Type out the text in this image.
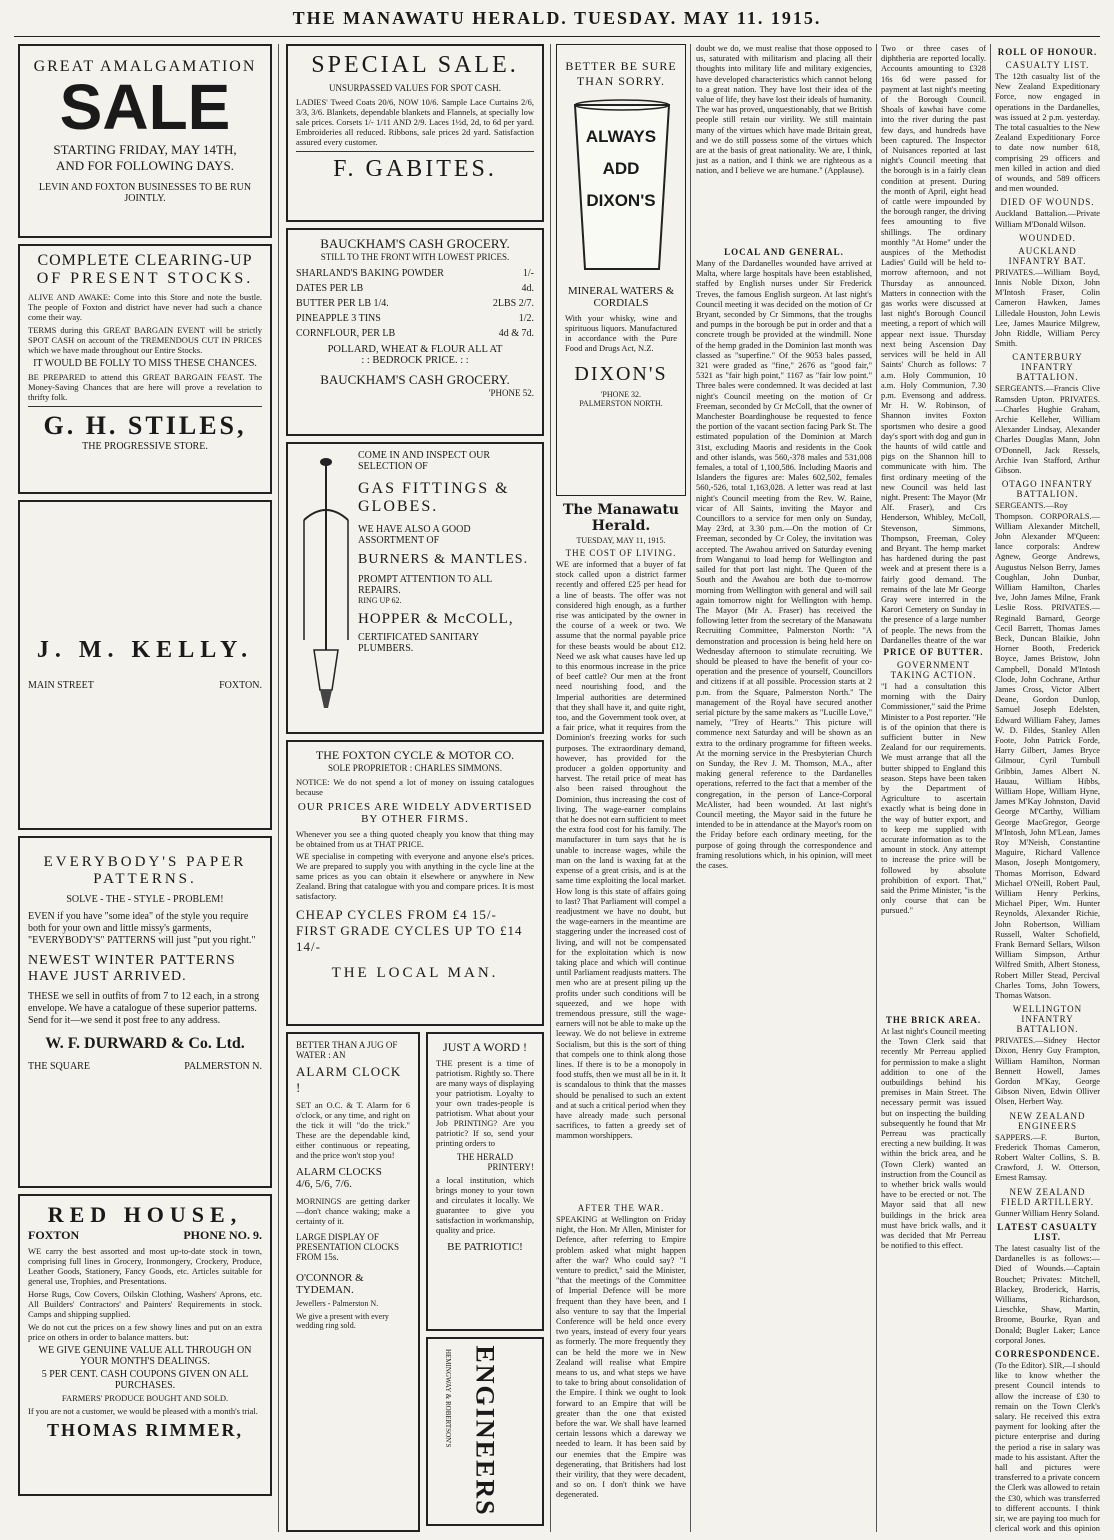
THE MANAWATU HERALD. TUESDAY. MAY 11. 1915.
GREAT AMALGAMATION
SALE
STARTING FRIDAY, MAY 14TH,
AND FOR FOLLOWING DAYS.
LEVIN AND FOXTON BUSINESSES TO BE RUN JOINTLY.
COMPLETE CLEARING-UP
OF PRESENT STOCKS.
ALIVE AND AWAKE: Come into this Store and note the bustle. The people of Foxton and district have never had such a chance come their way.
TERMS during this GREAT BARGAIN EVENT will be strictly SPOT CASH on account of the TREMENDOUS CUT IN PRICES which we have made throughout our Entire Stocks.
IT WOULD BE FOLLY TO MISS THESE CHANCES.
BE PREPARED to attend this GREAT BARGAIN FEAST. The Money-Saving Chances that are here will prove a revelation to thrifty folk.
G. H. STILES,
THE PROGRESSIVE STORE.
J. M. KELLY.
MAIN STREET	FOXTON.
EVERYBODY'S PAPER
PATTERNS.
SOLVE - THE - STYLE - PROBLEM!
EVEN if you have "some idea" of the style you require both for your own and little missy's garments, "EVERYBODY'S" PATTERNS will just "put you right."
NEWEST WINTER PATTERNS HAVE JUST ARRIVED.
THESE we sell in outfits of from 7 to 12 each, in a strong envelope. We have a catalogue of these superior patterns. Send for it—we send it post free to any address.
W. F. DURWARD & Co. Ltd.
THE SQUARE	PALMERSTON N.
RED HOUSE,
FOXTON	PHONE NO. 9.
WE carry the best assorted and most up-to-date stock in town, comprising full lines in Grocery, Ironmongery, Crockery, Produce, Leather Goods, Stationery, Fancy Goods, etc. Articles suitable for general use, Trophies, and Presentations.
Horse Rugs, Cow Covers, Oilskin Clothing, Washers' Aprons, etc. All Builders' Contractors' and Painters' Requirements in stock. Camps and shipping supplied.
We do not cut the prices on a few showy lines and put on an extra price on others in order to balance matters. but:
WE GIVE GENUINE VALUE ALL THROUGH ON YOUR MONTH'S DEALINGS.
5 PER CENT. CASH COUPONS GIVEN ON ALL PURCHASES.
FARMERS' PRODUCE BOUGHT AND SOLD.
If you are not a customer, we would be pleased with a month's trial.
THOMAS RIMMER,
SPECIAL SALE.
UNSURPASSED VALUES FOR SPOT CASH.
LADIES' Tweed Coats 20/6, NOW 10/6. Sample Lace Curtains 2/6, 3/3, 3/6. Blankets, dependable blankets and Flannels, at specially low sale prices. Corsets 1/- 1/11 AND 2/9. Laces 1½d, 2d, to 6d per yard. Embroideries all reduced. Ribbons, sale prices 2d yard. Satisfaction assured every customer.
F. GABITES.
BAUCKHAM'S CASH GROCERY.
STILL TO THE FRONT WITH LOWEST PRICES.
SHARLAND'S BAKING POWDER	1/-
DATES PER LB	4d.
BUTTER PER LB 1/4.	2LBS 2/7.
PINEAPPLE 3 TINS	1/2.
CORNFLOUR, PER LB	4d & 7d.
POLLARD, WHEAT & FLOUR ALL AT
: : BEDROCK PRICE. : :
BAUCKHAM'S CASH GROCERY.
'PHONE 52.
COME IN AND INSPECT OUR
SELECTION OF
GAS FITTINGS & GLOBES.
WE HAVE ALSO A GOOD ASSORTMENT OF
BURNERS & MANTLES.
PROMPT ATTENTION TO ALL REPAIRS.
RING UP 62.
HOPPER & McCOLL,
CERTIFICATED SANITARY PLUMBERS.
THE FOXTON CYCLE & MOTOR CO.
SOLE PROPRIETOR : CHARLES SIMMONS.
NOTICE: We do not spend a lot of money on issuing catalogues because
OUR PRICES ARE WIDELY ADVERTISED BY OTHER FIRMS.
Whenever you see a thing quoted cheaply you know that thing may be obtained from us at THAT PRICE.
WE specialise in competing with everyone and anyone else's prices. We are prepared to supply you with anything in the cycle line at the same prices as you can obtain it elsewhere or anywhere in New Zealand. Bring that catalogue with you and compare prices. It is most satisfactory.
CHEAP CYCLES FROM £4 15/-
FIRST GRADE CYCLES UP TO £14 14/-
THE LOCAL MAN.
BETTER THAN A JUG OF WATER : AN
ALARM CLOCK !
SET an O.C. & T. Alarm for 6 o'clock, or any time, and right on the tick it will "do the trick." These are the dependable kind, either continuous or repeating, and the price won't stop you!
ALARM CLOCKS
4/6, 5/6, 7/6.
MORNINGS are getting darker—don't chance waking; make a certainty of it.
LARGE DISPLAY OF PRESENTATION CLOCKS FROM 15s.
O'CONNOR & TYDEMAN.
Jewellers - Palmerston N.
We give a present with every wedding ring sold.
JUST A WORD !
THE present is a time of patriotism. Rightly so. There are many ways of displaying your patriotism. Loyalty to your own trades-people is patriotism. What about your Job PRINTING? Are you patriotic? If so, send your printing orders to
THE HERALD
PRINTERY!
a local institution, which brings money to your town and circulates it locally. We guarantee to give you satisfaction in workmanship, quality and price.
BE PATRIOTIC!
ENGINEERS
HEMINGWAY & ROBERTSON'S
BETTER BE SURE THAN SORRY.
ALWAYS
ADD
DIXON'S
MINERAL WATERS & CORDIALS
With your whisky, wine and spirituous liquors. Manufactured in accordance with the Pure Food and Drugs Act, N.Z.
DIXON'S
'PHONE 32.
PALMERSTON NORTH.
The Manawatu Herald.
TUESDAY, MAY 11, 1915.
THE COST OF LIVING.
WE are informed that a buyer of fat stock called upon a district farmer recently and offered £25 per head for a line of beasts. The offer was not considered high enough, as a further rise was anticipated by the owner in the course of a week or two. We assume that the normal payable price for these beasts would be about £12. Need we ask what causes have led up to this enormous increase in the price of beef cattle? Our men at the front need nourishing food, and the Imperial authorities are determined that they shall have it, and quite right, too, and the Government took over, at a fair price, what it requires from the Dominion's freezing works for such purposes. The extraordinary demand, however, has provided for the producer a golden opportunity and harvest. The retail price of meat has also been raised throughout the Dominion, thus increasing the cost of living. The wage-earner complains that he does not earn sufficient to meet the extra food cost for his family. The manufacturer in turn says that he is unable to increase wages, while the man on the land is waxing fat at the expense of a great crisis, and is at the same time exploiting the local market. How long is this state of affairs going to last? That Parliament will compel a readjustment we have no doubt, but the wage-earners in the meantime are staggering under the increased cost of living, and will not be compensated for the exploitation which is now taking place and which will continue until Parliament readjusts matters. The men who are at present piling up the profits under such conditions will be squeezed, and we hope with tremendous pressure, still the wage-earners will not be able to make up the leeway. We do not believe in extreme Socialism, but this is the sort of thing that compels one to think along those lines. If there is to be a monopoly in food stuffs, then we must all be in it. It is scandalous to think that the masses should be penalised to such an extent and at such a critical period when they have already made such personal sacrifices, to fatten a greedy set of mammon worshippers.
AFTER THE WAR.
SPEAKING at Wellington on Friday night, the Hon. Mr Allen, Minister for Defence, after referring to Empire problem asked what might happen after the war? Who could say? "I venture to predict," said the Minister, "that the meetings of the Committee of Imperial Defence will be more frequent than they have been, and I also venture to say that the Imperial Conference will be held once every two years, instead of every four years as formerly. The more frequently they can be held the more we in New Zealand will realise what Empire means to us, and what steps we have to take to bring about consolidation of the Empire. I think we ought to look forward to an Empire that will be greater than the one that existed before the war. We shall have learned certain lessons which a dareway we needed to learn. It has been said by our enemies that the Empire was degenerating, that Britishers had lost their virility, that they were decadent, and so on. I don't think we have degenerated.
doubt we do, we must realise that those opposed to us, saturated with militarism and placing all their thoughts into military life and military exigencies, have developed characteristics which cannot belong to a great nation. They have lost their idea of the value of life, they have lost their ideals of humanity. The war has proved, unquestionably, that we British people still retain our virility. We still maintain many of the virtues which have made Britain great, and we do still possess some of the virtues which are at the basis of great nationality. We are, I think, just as a nation, and I think we are righteous as a nation, and I believe we are humane." (Applause).
LOCAL AND GENERAL.
Many of the Dardanelles wounded have arrived at Malta, where large hospitals have been established, staffed by English nurses under Sir Frederick Treves, the famous English surgeon. At last night's Council meeting it was decided on the motion of Cr Bryant, seconded by Cr Simmons, that the troughs and pumps in the borough be put in order and that a concrete trough be provided at the windmill. None of the hemp graded in the Dominion last month was classed as "superfine." Of the 9053 bales passed, 321 were graded as "fine," 2676 as "good fair," 5321 as "fair high point," 1167 as "fair low point." Three bales were condemned. It was decided at last night's Council meeting on the motion of Cr Freeman, seconded by Cr McColl, that the owner of Manchester Boardinghouse be requested to fence the portion of the vacant section facing Park St. The estimated population of the Dominion at March 31st, excluding Maoris and residents in the Cook and other islands, was 560,-378 males and 531,008 females, a total of 1,100,586. Including Maoris and Islanders the figures are: Males 602,502, females 560,-526, total 1,163,028. A letter was read at last night's Council meeting from the Rev. W. Raine, vicar of All Saints, inviting the Mayor and Councillors to a service for men only on Sunday, May 23rd, at 3.30 p.m.—On the motion of Cr Freeman, seconded by Cr Coley, the invitation was accepted. The Awahou arrived on Saturday evening from Wanganui to load hemp for Wellington and sailed for that port last night. The Queen of the South and the Awahou are both due to-morrow morning from Wellington with general and will sail again tomorrow night for Wellington with hemp. The Mayor (Mr A. Fraser) has received the following letter from the secretary of the Manawatu Recruiting Committee, Palmerston North: "A demonstration and procession is being held here on Wednesday afternoon to stimulate recruiting. We should be pleased to have the benefit of your co-operation and the presence of yourself, Councillors and citizens if at all possible. Procession starts at 2 p.m. from the Square, Palmerston North." The management of the Royal have secured another serial picture by the same makers as "Lucille Love," namely, "Trey of Hearts." This picture will commence next Saturday and will be shown as an extra to the ordinary programme for fifteen weeks. At the morning service in the Presbyterian Church on Sunday, the Rev J. M. Thomson, M.A., after making general reference to the Dardanelles operations, referred to the fact that a member of the congregation, in the person of Lance-Corporal McAlister, had been wounded. At last night's Council meeting, the Mayor said in the future he intended to be in attendance at the Mayor's room on the Friday before each ordinary meeting, for the purpose of going through the correspondence and framing resolutions which, in his opinion, will meet the cases.
Two or three cases of diphtheria are reported locally. Accounts amounting to £328 16s 6d were passed for payment at last night's meeting of the Borough Council. Shoals of kawhai have come into the river during the past few days, and hundreds have been captured. The Inspector of Nuisances reported at last night's Council meeting that the borough is in a fairly clean condition at present. During the month of April, eight head of cattle were impounded by the borough ranger, the driving fees amounting to five shillings. The ordinary monthly "At Home" under the auspices of the Methodist Ladies' Guild will be held to-morrow afternoon, and not Thursday as announced. Matters in connection with the gas works were discussed at last night's Borough Council meeting, a report of which will appear next issue. Thursday next being Ascension Day services will be held in All Saints' Church as follows: 7 a.m. Holy Communion, 10 a.m. Holy Communion, 7.30 p.m. Evensong and address. Mr H. W. Robinson, of Shannon invites Foxton sportsmen who desire a good day's sport with dog and gun in the haunts of wild cattle and pigs on the Shannon hill to communicate with him. The first ordinary meeting of the new Council was held last night. Present: The Mayor (Mr Alf. Fraser), and Crs Henderson, Whibley, McColl, Stevenson, Simmons, Thompson, Freeman, Coley and Bryant. The hemp market has hardened during the past week and at present there is a fairly good demand. The remains of the late Mr George Gray were interred in the Karori Cemetery on Sunday in the presence of a large number of people. The news from the Dardanelles theatre of the war
PRICE OF BUTTER.
GOVERNMENT TAKING ACTION.
"I had a consultation this morning with the Dairy Commissioner," said the Prime Minister to a Post reporter. "He is of the opinion that there is sufficient butter in New Zealand for our requirements. We must arrange that all the butter shipped to England this season. Steps have been taken by the Department of Agriculture to ascertain exactly what is being done in the way of butter export, and to keep me supplied with accurate information as to the amount in stock. Any attempt to increase the price will be followed by absolute prohibition of export. That," said the Prime Minister, "is the only course that can be pursued."
THE BRICK AREA.
At last night's Council meeting the Town Clerk said that recently Mr Perreau applied for permission to make a slight addition to one of the outbuildings behind his premises in Main Street. The necessary permit was issued but on inspecting the building subsequently he found that Mr Perreau was practically erecting a new building. It was within the brick area, and he (Town Clerk) wanted an instruction from the Council as to whether brick walls would have to be erected or not. The Mayor said that all new buildings in the brick area must have brick walls, and it was decided that Mr Perreau be notified to this effect.
ROLL OF HONOUR.
CASUALTY LIST.
The 12th casualty list of the New Zealand Expeditionary Force, now engaged in operations in the Dardanelles, was issued at 2 p.m. yesterday. The total casualties to the New Zealand Expeditionary Force to date now number 618, comprising 29 officers and men killed in action and died of wounds, and 589 officers and men wounded.
DIED OF WOUNDS.
Auckland Battalion.—Private William M'Donald Wilson.
WOUNDED.
AUCKLAND INFANTRY BAT.
PRIVATES.—William Boyd, Innis Noble Dixon, John M'Intosh Fraser, Colin Cameron Hawken, James Lilledale Houston, John Lewis Lee, James Maurice Milgrew, John Riddle, William Percy Smith.
CANTERBURY INFANTRY BATTALION.
SERGEANTS.—Francis Clive Ramsden Upton. PRIVATES.—Charles Hughie Graham, Archie Kelleher, William Alexander Lindsay, Alexander Charles Douglas Mann, John O'Donnell, Jack Ressels, Archie Ivan Stafford, Arthur Gibson.
OTAGO INFANTRY BATTALION.
SERGEANTS.—Roy Thompson. CORPORALS.—William Alexander Mitchell, John Alexander M'Queen: lance corporals: Andrew Agnew, George Andrews, Augustus Nelson Berry, James Coughlan, John Dunbar, William Hamilton, Charles Ive, John James Milne, Frank Leslie Ross. PRIVATES.—Reginald Barnard, George Cecil Barrett, Thomas James Beck, Duncan Blaikie, John Horner Booth, Frederick Boyce, James Bristow, John Campbell, Donald M'Intosh Clode, John Cochrane, Arthur James Cross, Victor Albert Deane, Gordon Dunlop, Samuel Joseph Edelsten, Edward William Fahey, James W. D. Fildes, Stanley Allen Foote, John Patrick Forde, Harry Gilbert, James Bryce Gilmour, Cyril Turnbull Gribbin, James Albert N. Hauau, William Hibbs, William Hope, William Hyne, James M'Kay Johnston, David George M'Carthy, William George MacGregor, George M'Intosh, John M'Lean, James Roy M'Neish, Constantine Maguire, Richard Vallence Mason, Joseph Montgomery, Thomas Morrison, Edward Michael O'Neill, Robert Paul, William Henry Perkins, Michael Piper, Wm. Hunter Reynolds, Alexander Richie, John Robertson, William Russell, Walter Schofield, Frank Bernard Sellars, Wilson William Simpson, Arthur Wilfred Smith, Albert Stoness, Robert Miller Stead, Percival Charles Toms, John Towers, Thomas Watson.
WELLINGTON INFANTRY BATTALION.
PRIVATES.—Sidney Hector Dixon, Henry Guy Frampton, William Hamilton, Norman Bennett Howell, James Gordon M'Kay, George Gibson Niven, Edwin Olliver Olsen, Herbert Way.
NEW ZEALAND ENGINEERS
SAPPERS.—F. Burton, Frederick Thomas Cameron, Robert Walter Collins, S. B. Crawford, J. W. Otterson, Ernest Ramsay.
NEW ZEALAND FIELD ARTILLERY.
Gunner William Henry Soland.
LATEST CASUALTY LIST.
The latest casualty list of the Dardanelles is as follows:—Died of Wounds.—Captain Bouchet; Privates: Mitchell, Blackey, Broderick, Harris, Williams, Richardson, Lieschke, Shaw, Martin, Broome, Bourke, Ryan and Donald; Bugler Laker; Lance corporal Jones.
CORRESPONDENCE.
(To the Editor). SIR,—I should like to know whether the present Council intends to allow the increase of £30 to remain on the Town Clerk's salary. He received this extra payment for looking after the picture enterprise and during the period a rise in salary was made to his assistant. After the hall and pictures were transferred to a private concern the Clerk was allowed to retain the £30, which was transferred to different accounts. I think sir, we are paying too much for clerical work and this opinion
